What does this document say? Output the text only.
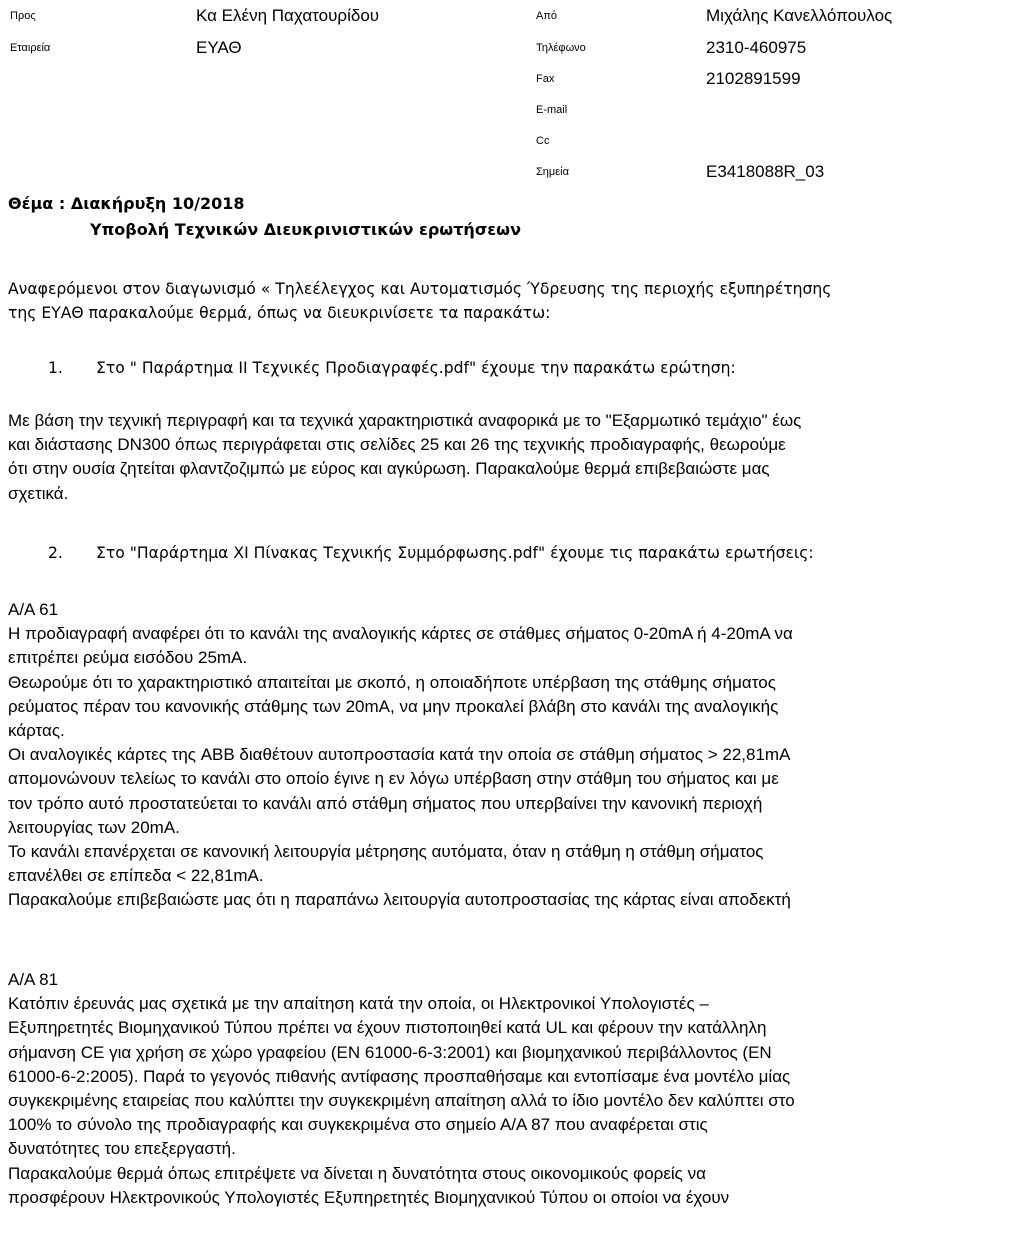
Προς	Κα Ελένη Παχατουρίδου
Εταιρεία	ΕΥΑΘ
Από	Μιχάλης Κανελλόπουλος
Τηλέφωνο	2310-460975
Fax	2102891599
E-mail
Cc
Σημεία	E3418088R_03
Θέμα : Διακήρυξη 10/2018
Υποβολή Τεχνικών Διευκρινιστικών ερωτήσεων
Αναφερόμενοι στον διαγωνισμό « Τηλεέλεγχος και Αυτοματισμός Ύδρευσης της περιοχής εξυπηρέτησης
της ΕΥΑΘ παρακαλούμε θερμά, όπως να διευκρινίσετε τα παρακάτω:
1. Στο " Παράρτημα ΙΙ Τεχνικές Προδιαγραφές.pdf" έχουμε την παρακάτω ερώτηση:

Με βάση την τεχνική περιγραφή και τα τεχνικά χαρακτηριστικά αναφορικά με το "Εξαρμωτικό τεμάχιο" έως

και διάστασης DN300 όπως περιγράφεται στις σελίδες 25 και 26 της τεχνικής προδιαγραφής, θεωρούμε

ότι στην ουσία ζητείται φλαντζοζιμπώ με εύρος και αγκύρωση. Παρακαλούμε θερμά επιβεβαιώστε μας

σχετικά.

2. Στο "Παράρτημα ΧΙ Πίνακας Τεχνικής Συμμόρφωσης.pdf" έχουμε τις παρακάτω ερωτήσεις:

Α/Α 61

Η προδιαγραφή αναφέρει ότι το κανάλι της αναλογικής κάρτες σε στάθμες σήματος 0-20mA ή 4-20mA να

επιτρέπει ρεύμα εισόδου 25mA.

Θεωρούμε ότι το χαρακτηριστικό απαιτείται με σκοπό, η οποιαδήποτε υπέρβαση της στάθμης σήματος

ρεύματος πέραν του κανονικής στάθμης των 20mA, να μην προκαλεί βλάβη στο κανάλι της αναλογικής

κάρτας.

Οι αναλογικές κάρτες της ABB διαθέτουν αυτοπροστασία κατά την οποία σε στάθμη σήματος > 22,81mA

απομονώνουν τελείως το κανάλι στο οποίο έγινε η εν λόγω υπέρβαση στην στάθμη του σήματος και με

τον τρόπο αυτό προστατεύεται το κανάλι από στάθμη σήματος που υπερβαίνει την κανονική περιοχή

λειτουργίας των 20mA.

Το κανάλι επανέρχεται σε κανονική λειτουργία μέτρησης αυτόματα, όταν η στάθμη η στάθμη σήματος

επανέλθει σε επίπεδα < 22,81mA.

Παρακαλούμε επιβεβαιώστε μας ότι η παραπάνω λειτουργία αυτοπροστασίας της κάρτας είναι αποδεκτή

Α/Α 81

Κατόπιν έρευνάς μας σχετικά με την απαίτηση κατά την οποία, οι Ηλεκτρονικοί Υπολογιστές –

Εξυπηρετητές Βιομηχανικού Τύπου πρέπει να έχουν πιστοποιηθεί κατά UL και φέρουν την κατάλληλη

σήμανση CE για χρήση σε χώρο γραφείου (EN 61000-6-3:2001) και βιομηχανικού περιβάλλοντος (EN

61000-6-2:2005). Παρά το γεγονός πιθανής αντίφασης προσπαθήσαμε και εντοπίσαμε ένα μοντέλο μίας

συγκεκριμένης εταιρείας που καλύπτει την συγκεκριμένη απαίτηση αλλά το ίδιο μοντέλο δεν καλύπτει στο

100% το σύνολο της προδιαγραφής και συγκεκριμένα στο σημείο Α/Α 87 που αναφέρεται στις

δυνατότητες του επεξεργαστή.

Παρακαλούμε θερμά όπως επιτρέψετε να δίνεται η δυνατότητα στους οικονομικούς φορείς να

προσφέρουν Ηλεκτρονικούς Υπολογιστές Εξυπηρετητές Βιομηχανικού Τύπου οι οποίοι να έχουν
